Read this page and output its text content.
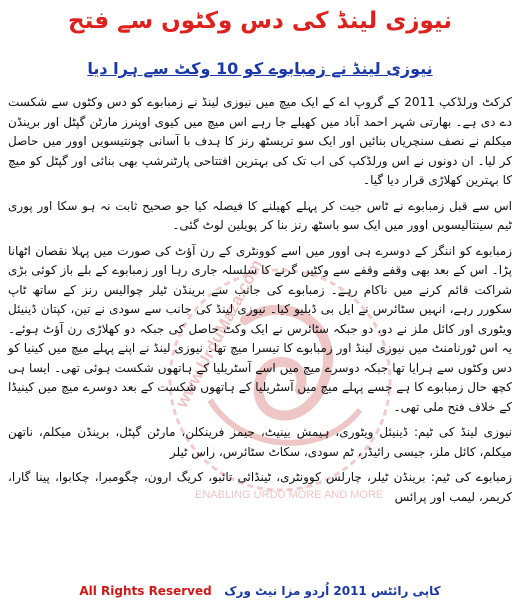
www.UrduMaza.com
ENABLING URDU MORE AND MORE
نیوزی لینڈ کی دس وکٹوں سے فتح
نیوزی لینڈ نے زمبابوے کو 10 وکٹ سے ہرا دیا

کرکٹ ورلڈکپ 2011 کے گروپ اے کے ایک میچ میں نیوزی لینڈ نے زمبابوے کو دس وکٹوں سے شکست دے دی ہے۔ بھارتی شہر احمد آباد میں کھیلے جا رہے اس میچ میں کیوی اوپنرز مارٹن گپٹل اور برینڈن میکلم نے نصف سنچریاں بنائیں اور ایک سو تریسٹھ رنز کا ہدف با آسانی چونتیسویں اوور میں حاصل کر لیا۔ ان دونوں نے اس ورلڈکپ کی اب تک کی بہترین افتتاحی پارٹنرشپ بھی بنائی اور گپٹل کو میچ کا بہترین کھلاڑی قرار دیا گیا۔

اس سے قبل زمبابوے نے ٹاس جیت کر پہلے کھیلنے کا فیصلہ کیا جو صحیح ثابت نہ ہو سکا اور پوری ٹیم سینتالیسویں اوور میں ایک سو باسٹھ رنز بنا کر پویلین لوٹ گئی۔

زمبابوے کو اننگز کے دوسرے ہی اوور میں اسے کوونٹری کے رن آؤٹ کی صورت میں پہلا نقصان اٹھانا پڑا۔ اس کے بعد بھی وقفے وقفے سے وکٹیں گرنے کا سلسلہ جاری رہا اور زمبابوے کے بلے باز کوئی بڑی شراکت قائم کرنے میں ناکام رہے۔ زمبابوے کی جانب سے برینڈن ٹیلر چوالیس رنز کے ساتھ ٹاپ سکورر رہے، انہیں سٹائرس نے ایل بی ڈبلیو کیا۔ نیوزی لینڈ کی جانب سے سودی نے تین، کپتان ڈینیئل ویٹوری اور کائل ملز نے دو، دو جبکہ سٹائرس نے ایک وکٹ حاصل کی جبکہ دو کھلاڑی رن آؤٹ ہوئے۔ یہ اس ٹورنامنٹ میں نیوزی لینڈ اور زمبابوے کا تیسرا میچ تھا۔ نیوزی لینڈ نے اپنے پہلے میچ میں کینیا کو دس وکٹوں سے ہرایا تھا جبکہ دوسرے میچ میں اسے آسٹریلیا کے ہاتھوں شکست ہوئی تھی۔ ایسا ہی کچھ حال زمبابوے کا ہے جسے پہلے میچ میں آسٹریلیا کے ہاتھوں شکست کے بعد دوسرے میچ میں کینیڈا کے خلاف فتح ملی تھی۔

نیوزی لینڈ کی ٹیم: ڈینیئل ویٹوری، ہیمش بینیٹ، جیمز فرینکلن، مارٹن گپٹل، برینڈن میکلم، ناتھن میکلم، کائل ملز، جیسی رائیڈر، ٹم سودی، سکاٹ سٹائرس، راس ٹیلر

زمبابوے کی ٹیم: برینڈن ٹیلر، چارلس کوونٹری، ٹینڈائی تائبو، کریگ ارون، چگومبرا، چکابوا، پینا گارا، کریمر، لیمب اور پرائس

All Rights Reserved کاپی رائٹس 2011 اُردو مزا نیٹ ورک
